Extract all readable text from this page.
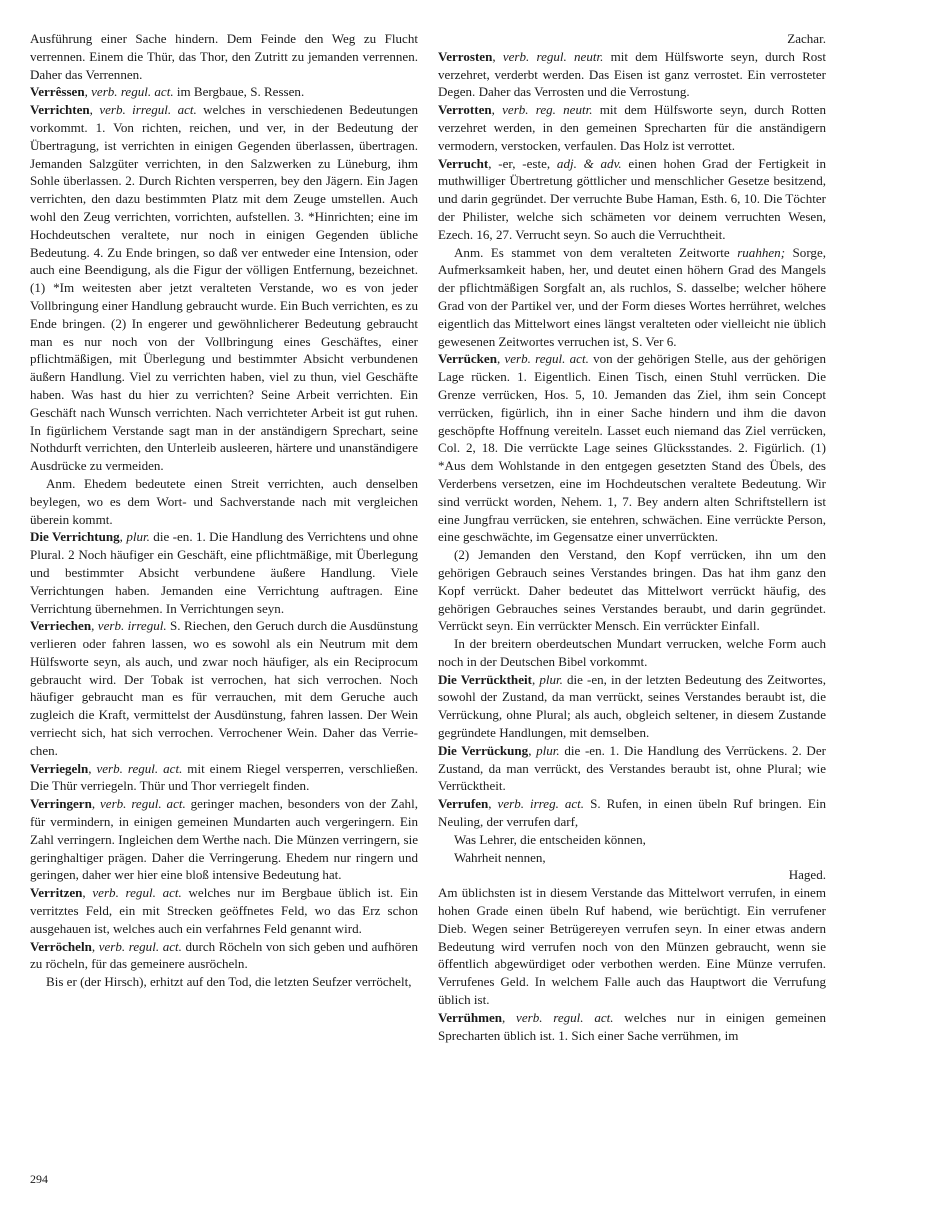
Ausführung einer Sache hindern. Dem Feinde den Weg zu Flucht verrennen. Einem die Thür, das Thor, den Zutritt zu jemanden verrennen. Daher das Verrennen.

Verrêssen, verb. regul. act. im Bergbaue, S. Ressen.

Verrichten, verb. irregul. act. welches in verschiedenen Bedeutungen vorkommt. 1. Von richten, reichen, und ver, in der Bedeutung der Übertragung, ist verrichten in einigen Gegenden überlassen, übertragen. Jemanden Salzgüter verrichten, in den Salzwerken zu Lüneburg, ihm Sohle überlassen. 2. Durch Richten versperren, bey den Jägern. Ein Jagen verrichten, den dazu bestimmten Platz mit dem Zeuge umstellen. Auch wohl den Zeug verrichten, vorrichten, aufstellen. 3. *Hinrichten; eine im Hochdeutschen veraltete, nur noch in einigen Gegenden übliche Bedeutung. 4. Zu Ende bringen, so daß ver entweder eine Intension, oder auch eine Beendigung, als die Figur der völligen Entfernung, bezeichnet. (1) *Im weitesten aber jetzt veralteten Verstande, wo es von jeder Vollbringung einer Handlung gebraucht wurde. Ein Buch verrichten, es zu Ende bringen. (2) In engerer und gewöhnlicherer Bedeutung gebraucht man es nur noch von der Vollbringung eines Geschäftes, einer pflichtmäßigen, mit Überlegung und bestimmter Absicht verbundenen äußern Handlung. Viel zu verrichten haben, viel zu thun, viel Geschäfte haben. Was hast du hier zu verrichten? Seine Arbeit verrichten. Ein Geschäft nach Wunsch verrichten. Nach verrichteter Arbeit ist gut ruhen. In figürlichem Verstande sagt man in der anständigern Sprechart, seine Nothdurft verrichten, den Unterleib ausleeren, härtere und unanständigere Ausdrücke zu vermeiden.

Anm. Ehedem bedeutete einen Streit verrichten, auch denselben beylegen, wo es dem Wort- und Sachverstande nach mit vergleichen überein kommt.

Die Verrichtung, plur. die -en. 1. Die Handlung des Verrichtens und ohne Plural. 2 Noch häufiger ein Geschäft, eine pflichtmäßige, mit Überlegung und bestimmter Absicht verbundene äußere Handlung. Viele Verrichtungen haben. Jemanden eine Verrichtung auftragen. Eine Verrichtung übernehmen. In Verrichtungen seyn.

Verriechen, verb. irregul. S. Riechen, den Geruch durch die Ausdünstung verlieren oder fahren lassen, wo es sowohl als ein Neutrum mit dem Hülfsworte seyn, als auch, und zwar noch häufiger, als ein Reciprocum gebraucht wird. Der Tobak ist verrochen, hat sich verrochen. Noch häufiger gebraucht man es für verrauchen, mit dem Geruche auch zugleich die Kraft, vermittelst der Ausdünstung, fahren lassen. Der Wein verriecht sich, hat sich verrochen. Verrochener Wein. Daher das Verriechen.

Verriegeln, verb. regul. act. mit einem Riegel versperren, verschließen. Die Thür verriegeln. Thür und Thor verriegelt finden.

Verringern, verb. regul. act. geringer machen, besonders von der Zahl, für vermindern, in einigen gemeinen Mundarten auch vergeringern. Ein Zahl verringern. Ingleichen dem Werthe nach. Die Münzen verringern, sie geringhaltiger prägen. Daher die Verringerung. Ehedem nur ringern und geringen, daher wer hier eine bloß intensive Bedeutung hat.

Verritzen, verb. regul. act. welches nur im Bergbaue üblich ist. Ein verritztes Feld, ein mit Strecken geöffnetes Feld, wo das Erz schon ausgehauen ist, welches auch ein verfahrnes Feld genannt wird.

Verröcheln, verb. regul. act. durch Röcheln von sich geben und aufhören zu röcheln, für das gemeinere ausröcheln.

Bis er (der Hirsch), erhitzt auf den Tod, die letzten Seufzer verröchelt,

Zachar.

Verrosten, verb. regul. neutr. mit dem Hülfsworte seyn, durch Rost verzehret, verderbt werden. Das Eisen ist ganz verrostet. Ein verrosteter Degen. Daher das Verrosten und die Verrostung.

Verrotten, verb. reg. neutr. mit dem Hülfsworte seyn, durch Rotten verzehret werden, in den gemeinen Sprecharten für die anständigern vermodern, verstocken, verfaulen. Das Holz ist verrottet.

Verrucht, -er, -este, adj. & adv. einen hohen Grad der Fertigkeit in muthwilliger Übertretung göttlicher und menschlicher Gesetze besitzend, und darin gegründet. Der verruchte Bube Haman, Esth. 6, 10. Die Töchter der Philister, welche sich schämeten vor deinem verruchten Wesen, Ezech. 16, 27. Verrucht seyn. So auch die Verruchtheit.

Anm. Es stammet von dem veralteten Zeitworte ruahhen; Sorge, Aufmerksamkeit haben, her, und deutet einen höhern Grad des Mangels der pflichtmäßigen Sorgfalt an, als ruchlos, S. dasselbe; welcher höhere Grad von der Partikel ver, und der Form dieses Wortes herrühret, welches eigentlich das Mittelwort eines längst veralteten oder vielleicht nie üblich gewesenen Zeitwortes verruchen ist, S. Ver 6.

Verrücken, verb. regul. act. von der gehörigen Stelle, aus der gehörigen Lage rücken. 1. Eigentlich. Einen Tisch, einen Stuhl verrücken. Die Grenze verrücken, Hos. 5, 10. Jemanden das Ziel, ihm sein Concept verrücken, figürlich, ihn in einer Sache hindern und ihm die davon geschöpfte Hoffnung vereiteln. Lasset euch niemand das Ziel verrücken, Col. 2, 18. Die verrückte Lage seines Glücksstandes. 2. Figürlich. (1) *Aus dem Wohlstande in den entgegen gesetzten Stand des Übels, des Verderbens versetzen, eine im Hochdeutschen veraltete Bedeutung. Wir sind verrückt worden, Nehem. 1, 7. Bey andern alten Schriftstellern ist eine Jungfrau verrücken, sie entehren, schwächen. Eine verrückte Person, eine geschwächte, im Gegensatze einer unverrückten.

(2) Jemanden den Verstand, den Kopf verrücken, ihn um den gehörigen Gebrauch seines Verstandes bringen. Das hat ihm ganz den Kopf verrückt. Daher bedeutet das Mittelwort verrückt häufig, des gehörigen Gebrauches seines Verstandes beraubt, und darin gegründet. Verrückt seyn. Ein verrückter Mensch. Ein verrückter Einfall.

In der breitern oberdeutschen Mundart verrucken, welche Form auch noch in der Deutschen Bibel vorkommt.

Die Verrücktheit, plur. die -en, in der letzten Bedeutung des Zeitwortes, sowohl der Zustand, da man verrückt, seines Verstandes beraubt ist, die Verrückung, ohne Plural; als auch, obgleich seltener, in diesem Zustande gegründete Handlungen, mit demselben.

Die Verrückung, plur. die -en. 1. Die Handlung des Verrückens. 2. Der Zustand, da man verrückt, des Verstandes beraubt ist, ohne Plural; wie Verrücktheit.

Verrufen, verb. irreg. act. S. Rufen, in einen übeln Ruf bringen. Ein Neuling, der verrufen darf,

Was Lehrer, die entscheiden können,

Wahrheit nennen,

Haged.

Am üblichsten ist in diesem Verstande das Mittelwort verrufen, in einem hohen Grade einen übeln Ruf habend, wie berüchtigt. Ein verrufener Dieb. Wegen seiner Betrügereyen verrufen seyn. In einer etwas andern Bedeutung wird verrufen noch von den Münzen gebraucht, wenn sie öffentlich abgewürdiget oder verbothen werden. Eine Münze verrufen. Verrufenes Geld. In welchem Falle auch das Hauptwort die Verrufung üblich ist.

Verrühmen, verb. regul. act. welches nur in einigen gemeinen Sprecharten üblich ist. 1. Sich einer Sache verrühmen, im

294
